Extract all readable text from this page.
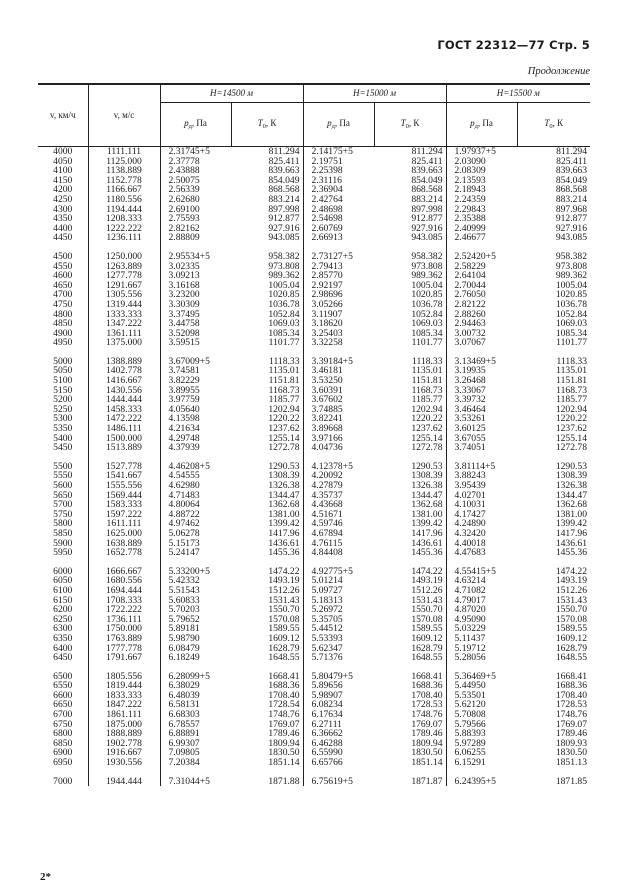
ГОСТ 22312—77 Стр. 5
Продолжение

v, км/ч	v, м/с	H=14500 м		H=15000 м		H=15500 м	
		$p_д$, Па	$T_0$, К	$p_д$, Па	$T_0$, К	$p_д$, Па	$T_0$, К
4000	1111.111	2.31745+5	811.294	2.14175+5	811.294	1.97937+5	811.294
4050	1125.000	2.37778	825.411	2.19751	825.411	2.03090	825.411
4100	1138.889	2.43888	839.663	2.25398	839.663	2.08309	839.663
4150	1152.778	2.50075	854.049	2.31116	854.049	2.13593	854.049
4200	1166.667	2.56339	868.568	2.36904	868.568	2.18943	868.568
4250	1180.556	2.62680	883.214	2.42764	883.214	2.24359	883.214
4300	1194.444	2.69100	897.998	2.48698	897.998	2.29843	897.968
4350	1208.333	2.75593	912.877	2.54698	912.877	2.35388	912.877
4400	1222.222	2.82162	927.916	2.60769	927.916	2.40999	927.916
4450	1236.111	2.88809	943.085	2.66913	943.085	2.46677	943.085

4500	1250.000	2.95534+5	958.382	2.73127+5	958.382	2.52420+5	958.382
4550	1263.889	3.02335	973.808	2.79413	973.808	2.58229	973.808
4600	1277.778	3.09213	989.362	2.85770	989.362	2.64104	989.362
4650	1291.667	3.16168	1005.04	2.92197	1005.04	2.70044	1005.04
4700	1305.556	3.23200	1020.85	2.98696	1020.85	2.76050	1020.85
4750	1319.444	3.30309	1036.78	3.05266	1036.78	2.82122	1036.78
4800	1333.333	3.37495	1052.84	3.11907	1052.84	2.88260	1052.84
4850	1347.222	3.44758	1069.03	3.18620	1069.03	2.94463	1069.03
4900	1361.111	3.52098	1085.34	3.25403	1085.34	3.00732	1085.34
4950	1375.000	3.59515	1101.77	3.32258	1101.77	3.07067	1101.77

5000	1388.889	3.67009+5	1118.33	3.39184+5	1118.33	3.13469+5	1118.33
5050	1402.778	3.74581	1135.01	3.46181	1135.01	3.19935	1135.01
5100	1416.667	3.82229	1151.81	3.53250	1151.81	3.26468	1151.81
5150	1430.556	3.89955	1168.73	3.60391	1168.73	3.33067	1168.73
5200	1444.444	3.97759	1185.77	3.67602	1185.77	3.39732	1185.77
5250	1458.333	4.05640	1202.94	3.74885	1202.94	3.46464	1202.94
5300	1472.222	4.13598	1220.22	3.82241	1220.22	3.53261	1220.22
5350	1486.111	4.21634	1237.62	3.89668	1237.62	3.60125	1237.62
5400	1500.000	4.29748	1255.14	3.97166	1255.14	3.67055	1255.14
5450	1513.889	4.37939	1272.78	4.04736	1272.78	3.74051	1272.78

5500	1527.778	4.46208+5	1290.53	4.12378+5	1290.53	3.81114+5	1290.53
5550	1541.667	4.54555	1308.39	4.20092	1308.39	3.88243	1308.39
5600	1555.556	4.62980	1326.38	4.27879	1326.38	3.95439	1326.38
5650	1569.444	4.71483	1344.47	4.35737	1344.47	4.02701	1344.47
5700	1583.333	4.80064	1362.68	4.43668	1362.68	4.10031	1362.68
5750	1597.222	4.88722	1381.00	4.51671	1381.00	4.17427	1381.00
5800	1611.111	4.97462	1399.42	4.59746	1399.42	4.24890	1399.42
5850	1625.000	5.06278	1417.96	4.67894	1417.96	4.32420	1417.96
5900	1638.889	5.15173	1436.61	4.76115	1436.61	4.40018	1436.61
5950	1652.778	5.24147	1455.36	4.84408	1455.36	4.47683	1455.36

6000	1666.667	5.33200+5	1474.22	4.92775+5	1474.22	4.55415+5	1474.22
6050	1680.556	5.42332	1493.19	5.01214	1493.19	4.63214	1493.19
6100	1694.444	5.51543	1512.26	5.09727	1512.26	4.71082	1512.26
6150	1708.333	5.60833	1531.43	5.18313	1531.43	4.79017	1531.43
6200	1722.222	5.70203	1550.70	5.26972	1550.70	4.87020	1550.70
6250	1736.111	5.79652	1570.08	5.35705	1570.08	4.95090	1570.08
6300	1750.000	5.89181	1589.55	5.44512	1589.55	5.03229	1589.55
6350	1763.889	5.98790	1609.12	5.53393	1609.12	5.11437	1609.12
6400	1777.778	6.08479	1628.79	5.62347	1628.79	5.19712	1628.79
6450	1791.667	6.18249	1648.55	5.71376	1648.55	5.28056	1648.55

6500	1805.556	6.28099+5	1668.41	5.80479+5	1668.41	5.36469+5	1668.41
6550	1819.444	6.38029	1688.36	5.89656	1688.36	5.44950	1688.36
6600	1833.333	6.48039	1708.40	5.98907	1708.40	5.53501	1708.40
6650	1847.222	6.58131	1728.54	6.08234	1728.53	5.62120	1728.53
6700	1861.111	6.68303	1748.76	6.17634	1748.76	5.70808	1748.76
6750	1875.000	6.78557	1769.07	6.27111	1769.07	5.79566	1769.07
6800	1888.889	6.88891	1789.46	6.36662	1789.46	5.88393	1789.46
6850	1902.778	6.99307	1809.94	6.46288	1809.94	5.97289	1809.93
6900	1916.667	7.09805	1830.50	6.55990	1830.50	6.06255	1830.50
6950	1930.556	7.20384	1851.14	6.65766	1851.14	6.15291	1851.13

7000	1944.444	7.31044+5	1871.88	6.75619+5	1871.87	6.24395+5	1871.85
2*
